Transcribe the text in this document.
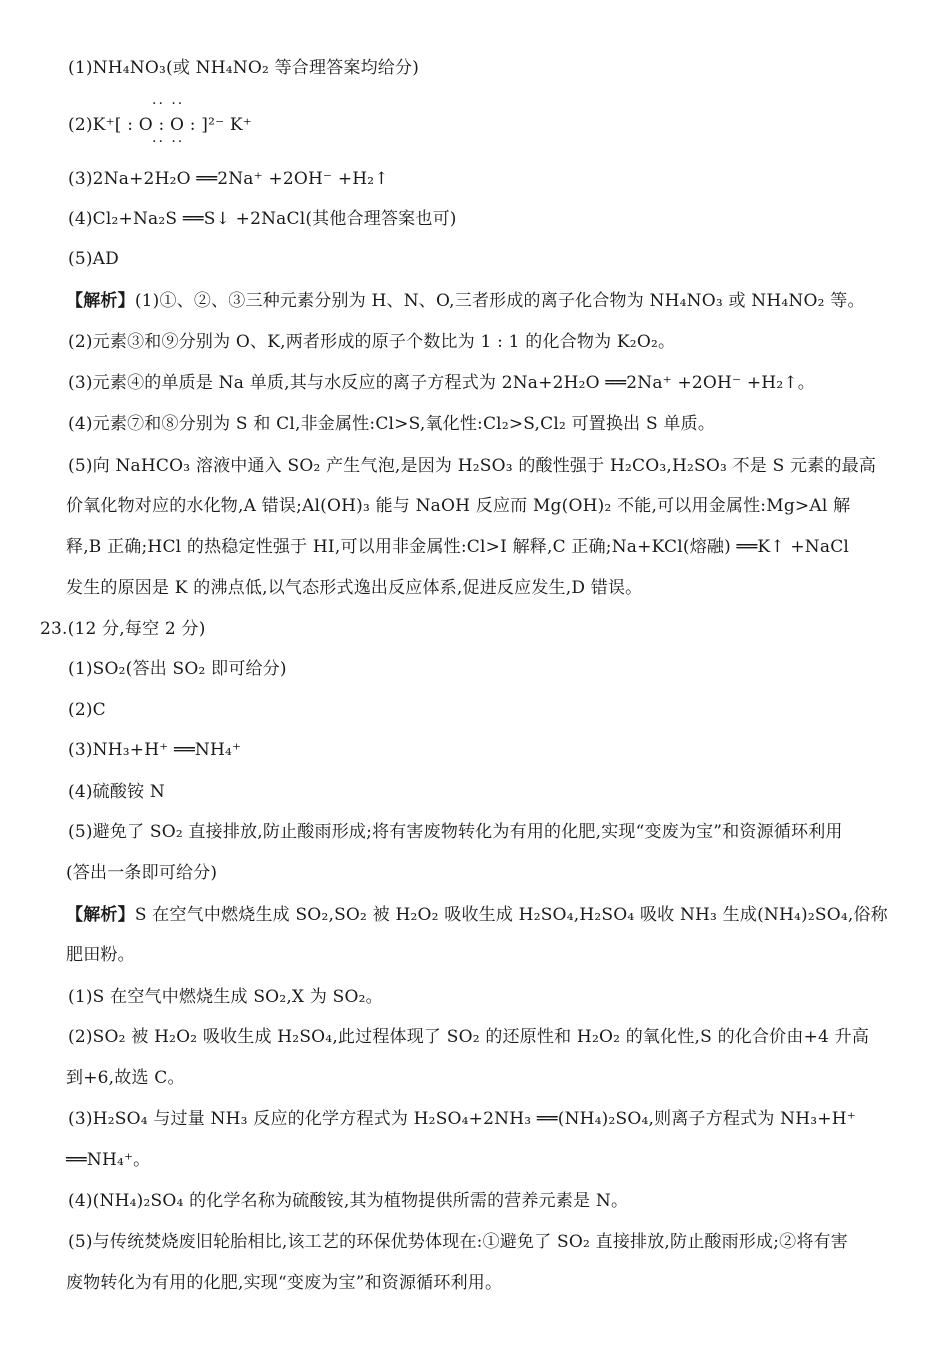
(1)NH₄NO₃(或 NH₄NO₂ 等合理答案均给分)
·· ··
(2)K⁺[ : O : O : ]²⁻ K⁺
·· ··
(3)2Na+2H₂O ══2Na⁺ +2OH⁻ +H₂↑
(4)Cl₂+Na₂S ══S↓ +2NaCl(其他合理答案也可)
(5)AD
【解析】(1)①、②、③三种元素分别为 H、N、O,三者形成的离子化合物为 NH₄NO₃ 或 NH₄NO₂ 等。
(2)元素③和⑨分别为 O、K,两者形成的原子个数比为 1 : 1 的化合物为 K₂O₂。
(3)元素④的单质是 Na 单质,其与水反应的离子方程式为 2Na+2H₂O ══2Na⁺ +2OH⁻ +H₂↑。
(4)元素⑦和⑧分别为 S 和 Cl,非金属性:Cl>S,氧化性:Cl₂>S,Cl₂ 可置换出 S 单质。
(5)向 NaHCO₃ 溶液中通入 SO₂ 产生气泡,是因为 H₂SO₃ 的酸性强于 H₂CO₃,H₂SO₃ 不是 S 元素的最高
价氧化物对应的水化物,A 错误;Al(OH)₃ 能与 NaOH 反应而 Mg(OH)₂ 不能,可以用金属性:Mg>Al 解
释,B 正确;HCl 的热稳定性强于 HI,可以用非金属性:Cl>I 解释,C 正确;Na+KCl(熔融) ══K↑ +NaCl
发生的原因是 K 的沸点低,以气态形式逸出反应体系,促进反应发生,D 错误。
23.(12 分,每空 2 分)
(1)SO₂(答出 SO₂ 即可给分)
(2)C
(3)NH₃+H⁺ ══NH₄⁺
(4)硫酸铵 N
(5)避免了 SO₂ 直接排放,防止酸雨形成;将有害废物转化为有用的化肥,实现“变废为宝”和资源循环利用
(答出一条即可给分)
【解析】S 在空气中燃烧生成 SO₂,SO₂ 被 H₂O₂ 吸收生成 H₂SO₄,H₂SO₄ 吸收 NH₃ 生成(NH₄)₂SO₄,俗称
肥田粉。
(1)S 在空气中燃烧生成 SO₂,X 为 SO₂。
(2)SO₂ 被 H₂O₂ 吸收生成 H₂SO₄,此过程体现了 SO₂ 的还原性和 H₂O₂ 的氧化性,S 的化合价由+4 升高
到+6,故选 C。
(3)H₂SO₄ 与过量 NH₃ 反应的化学方程式为 H₂SO₄+2NH₃ ══(NH₄)₂SO₄,则离子方程式为 NH₃+H⁺
══NH₄⁺。
(4)(NH₄)₂SO₄ 的化学名称为硫酸铵,其为植物提供所需的营养元素是 N。
(5)与传统焚烧废旧轮胎相比,该工艺的环保优势体现在:①避免了 SO₂ 直接排放,防止酸雨形成;②将有害
废物转化为有用的化肥,实现“变废为宝”和资源循环利用。
